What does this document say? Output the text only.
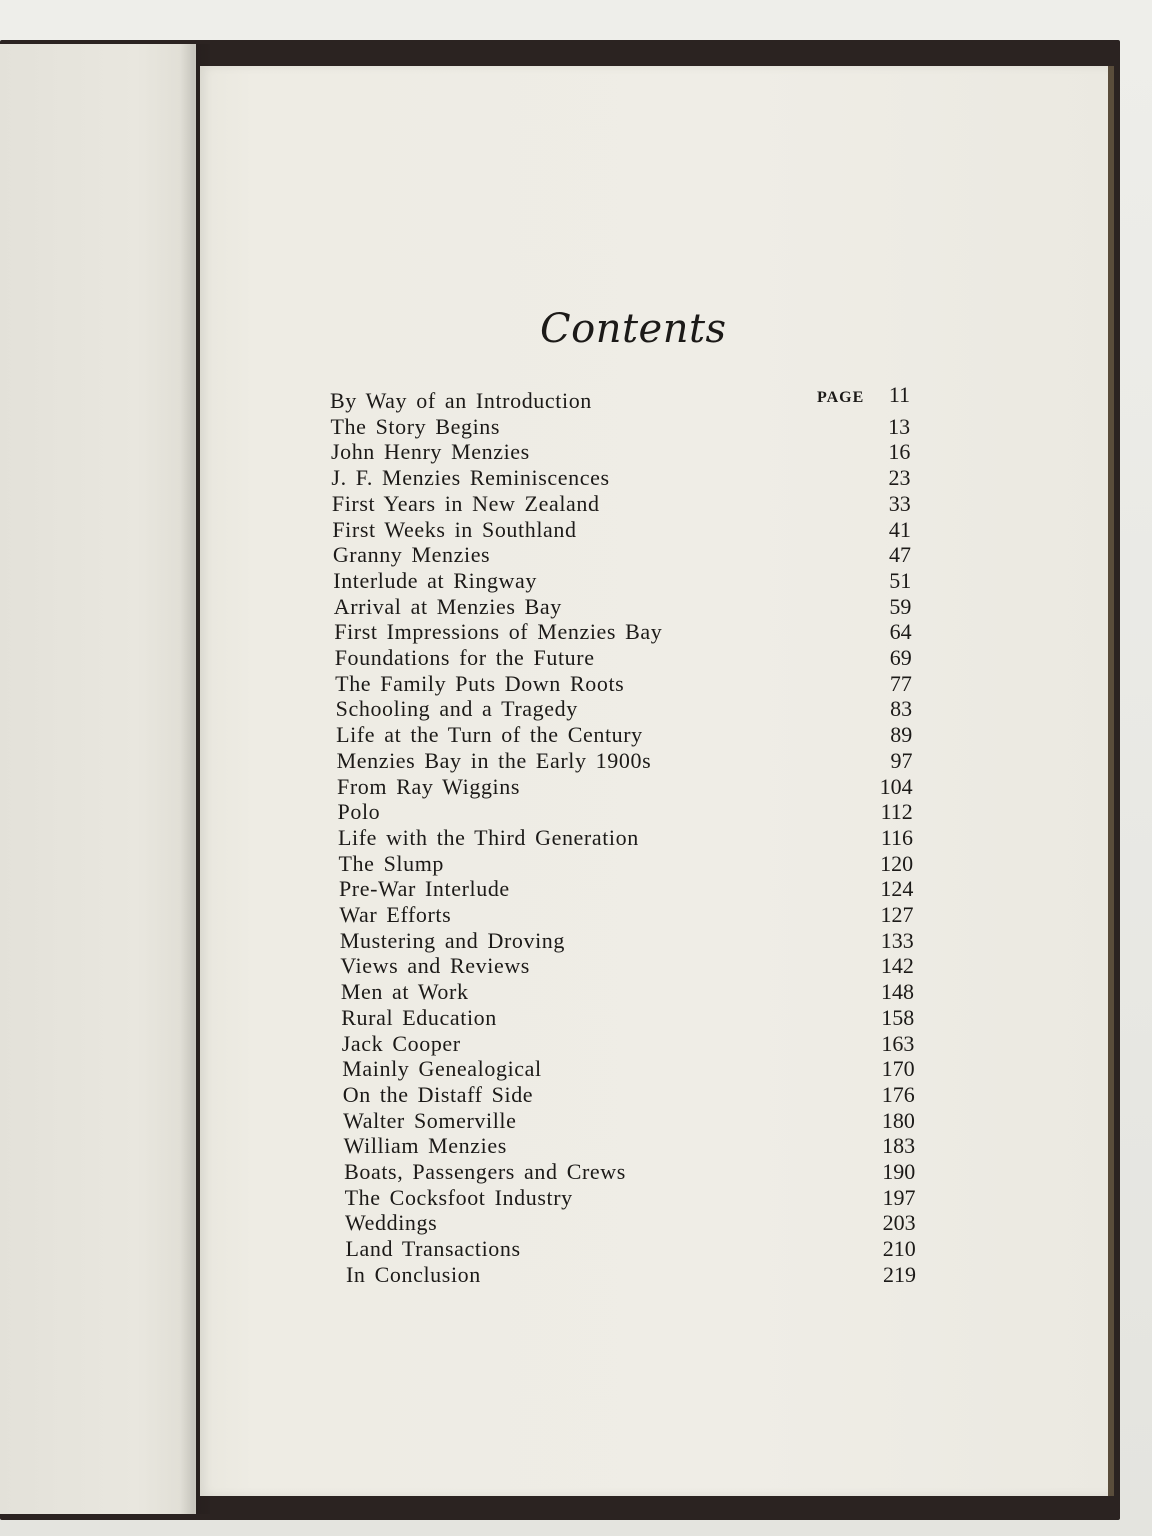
Contents
PAGE
By Way of an Introduction	11
The Story Begins	13
John Henry Menzies	16
J. F. Menzies Reminiscences	23
First Years in New Zealand	33
First Weeks in Southland	41
Granny Menzies	47
Interlude at Ringway	51
Arrival at Menzies Bay	59
First Impressions of Menzies Bay	64
Foundations for the Future	69
The Family Puts Down Roots	77
Schooling and a Tragedy	83
Life at the Turn of the Century	89
Menzies Bay in the Early 1900s	97
From Ray Wiggins	104
Polo	112
Life with the Third Generation	116
The Slump	120
Pre-War Interlude	124
War Efforts	127
Mustering and Droving	133
Views and Reviews	142
Men at Work	148
Rural Education	158
Jack Cooper	163
Mainly Genealogical	170
On the Distaff Side	176
Walter Somerville	180
William Menzies	183
Boats, Passengers and Crews	190
The Cocksfoot Industry	197
Weddings	203
Land Transactions	210
In Conclusion	219
